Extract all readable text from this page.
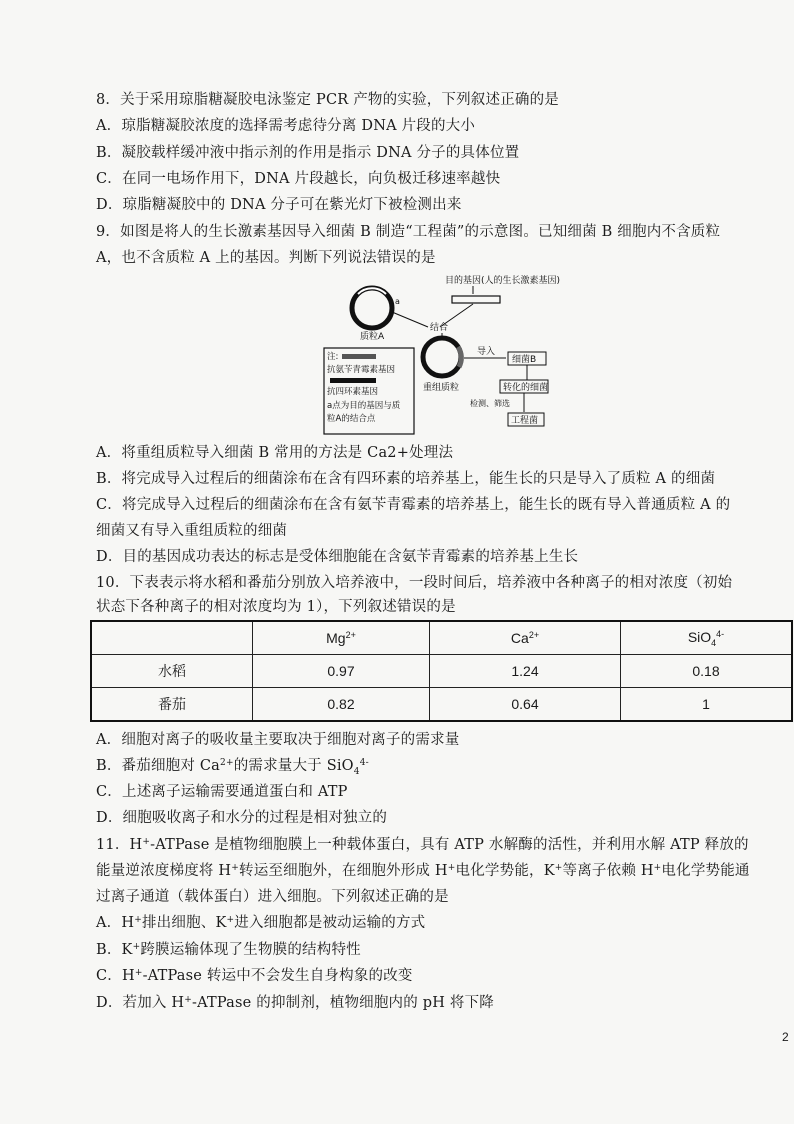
8．关于采用琼脂糖凝胶电泳鉴定 PCR 产物的实验，下列叙述正确的是
A．琼脂糖凝胶浓度的选择需考虑待分离 DNA 片段的大小
B．凝胶载样缓冲液中指示剂的作用是指示 DNA 分子的具体位置
C．在同一电场作用下，DNA 片段越长，向负极迁移速率越快
D．琼脂糖凝胶中的 DNA 分子可在紫光灯下被检测出来
9．如图是将人的生长激素基因导入细菌 B 制造“工程菌”的示意图。已知细菌 B 细胞内不含质粒
A，也不含质粒 A 上的基因。判断下列说法错误的是
目的基因(人的生长激素基因)
a
质粒A
结合
重组质粒
导入
细菌B
转化的细菌
检测、筛选
工程菌
注:
抗氨苄青霉素基因
抗四环素基因
a点为目的基因与质
粒A的结合点
A．将重组质粒导入细菌 B 常用的方法是 Ca2+处理法
B．将完成导入过程后的细菌涂布在含有四环素的培养基上，能生长的只是导入了质粒 A 的细菌
C．将完成导入过程后的细菌涂布在含有氨苄青霉素的培养基上，能生长的既有导入普通质粒 A 的
细菌又有导入重组质粒的细菌
D．目的基因成功表达的标志是受体细胞能在含氨苄青霉素的培养基上生长
10．下表表示将水稻和番茄分别放入培养液中，一段时间后，培养液中各种离子的相对浓度（初始
状态下各种离子的相对浓度均为 1），下列叙述错误的是
	$Mg^{2+}$	$Ca^{2+}$	SiO$_4^{4-}$
水稻	0.97	1.24	0.18
番茄	0.82	0.64	1
A．细胞对离子的吸收量主要取决于细胞对离子的需求量
B．番茄细胞对 $Ca^{2+}$的需求量大于 SiO$_4^{4-}$
C．上述离子运输需要通道蛋白和 ATP
D．细胞吸收离子和水分的过程是相对独立的
11．H+-ATPase 是植物细胞膜上一种载体蛋白，具有 ATP 水解酶的活性，并利用水解 ATP 释放的
能量逆浓度梯度将 H+转运至细胞外，在细胞外形成 H+电化学势能，K+等离子依赖 H+电化学势能通
过离子通道（载体蛋白）进入细胞。下列叙述正确的是
A．H+排出细胞、K+进入细胞都是被动运输的方式
B．K+跨膜运输体现了生物膜的结构特性
C．H+-ATPase 转运中不会发生自身构象的改变
D．若加入 H+-ATPase 的抑制剂，植物细胞内的 pH 将下降
2
